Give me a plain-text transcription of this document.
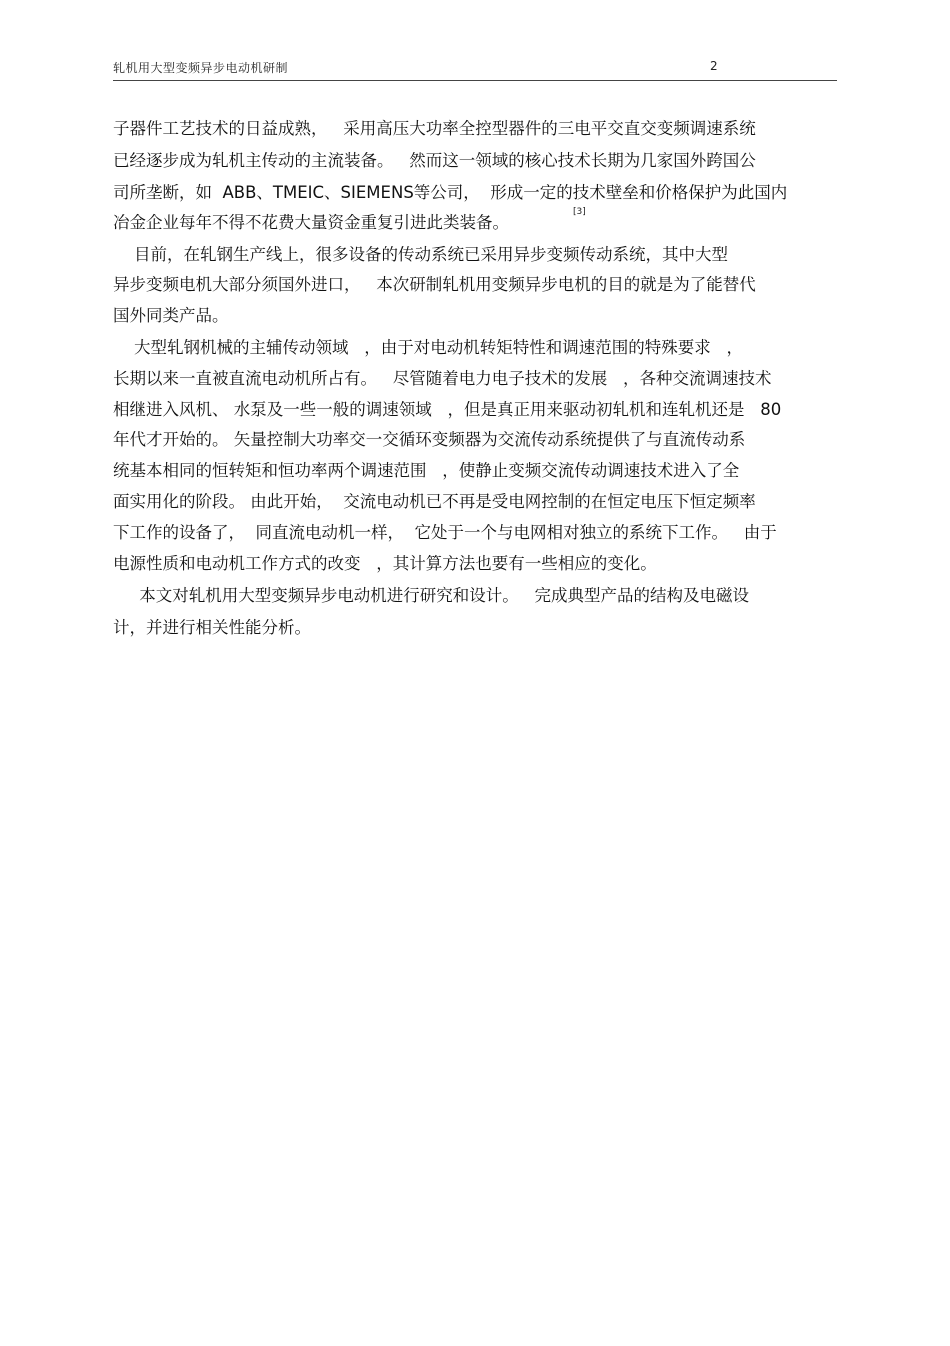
轧机用大型变频异步电动机研制	2
子器件工艺技术的日益成熟，   采用高压大功率全控型器件的三电平交直交变频调速系统
已经逐步成为轧机主传动的主流装备。   然而这一领域的核心技术长期为几家国外跨国公
司所垄断，如  ABB、TMEIC、SIEMENS等公司，  形成一定的技术壁垒和价格保护为此国内
冶金企业每年不得不花费大量资金重复引进此类装备。
[3]
目前，在轧钢生产线上，很多设备的传动系统已采用异步变频传动系统，其中大型
异步变频电机大部分须国外进口，   本次研制轧机用变频异步电机的目的就是为了能替代
国外同类产品。
大型轧钢机械的主辅传动领域   ，由于对电动机转矩特性和调速范围的特殊要求   ，
长期以来一直被直流电动机所占有。   尽管随着电力电子技术的发展   ，各种交流调速技术
相继进入风机、 水泵及一些一般的调速领域   ，但是真正用来驱动初轧机和连轧机还是   80
年代才开始的。 矢量控制大功率交一交循环变频器为交流传动系统提供了与直流传动系
统基本相同的恒转矩和恒功率两个调速范围   ，使静止变频交流传动调速技术进入了全
面实用化的阶段。 由此开始，  交流电动机已不再是受电网控制的在恒定电压下恒定频率
下工作的设备了，  同直流电动机一样，  它处于一个与电网相对独立的系统下工作。   由于
电源性质和电动机工作方式的改变   ，其计算方法也要有一些相应的变化。
本文对轧机用大型变频异步电动机进行研究和设计。   完成典型产品的结构及电磁设
计，并进行相关性能分析。
